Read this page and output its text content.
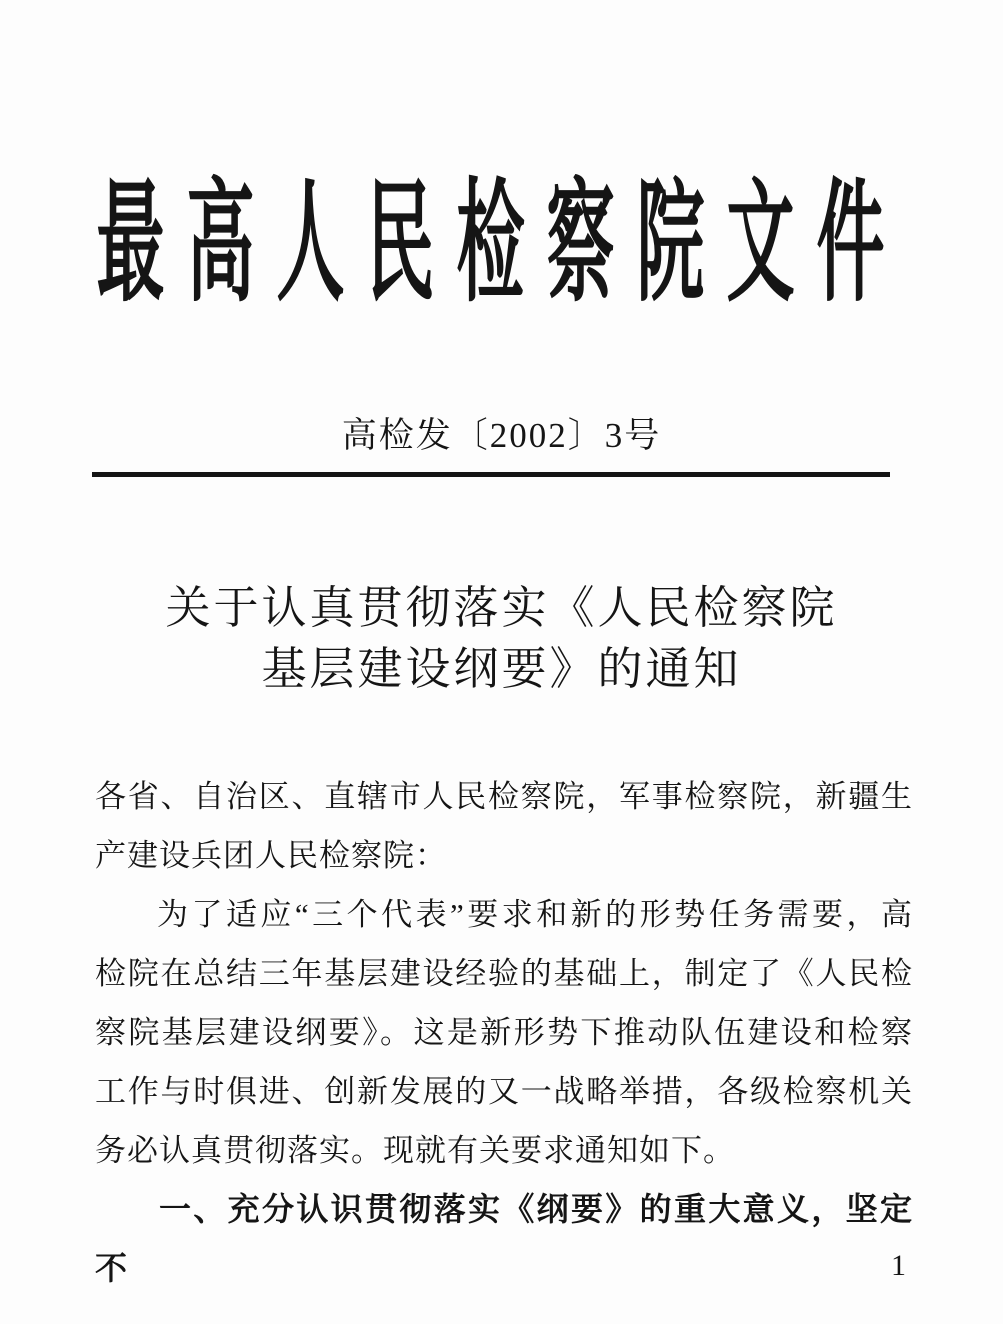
最高人民检察院文件
高检发〔2002〕3号
关于认真贯彻落实《人民检察院
基层建设纲要》的通知
各省、自治区、直辖市人民检察院，军事检察院，新疆生
产建设兵团人民检察院：
为了适应“三个代表”要求和新的形势任务需要，高
检院在总结三年基层建设经验的基础上，制定了《人民检
察院基层建设纲要》。这是新形势下推动队伍建设和检察
工作与时俱进、创新发展的又一战略举措，各级检察机关
务必认真贯彻落实。现就有关要求通知如下。
一、充分认识贯彻落实《纲要》的重大意义，坚定不	1
